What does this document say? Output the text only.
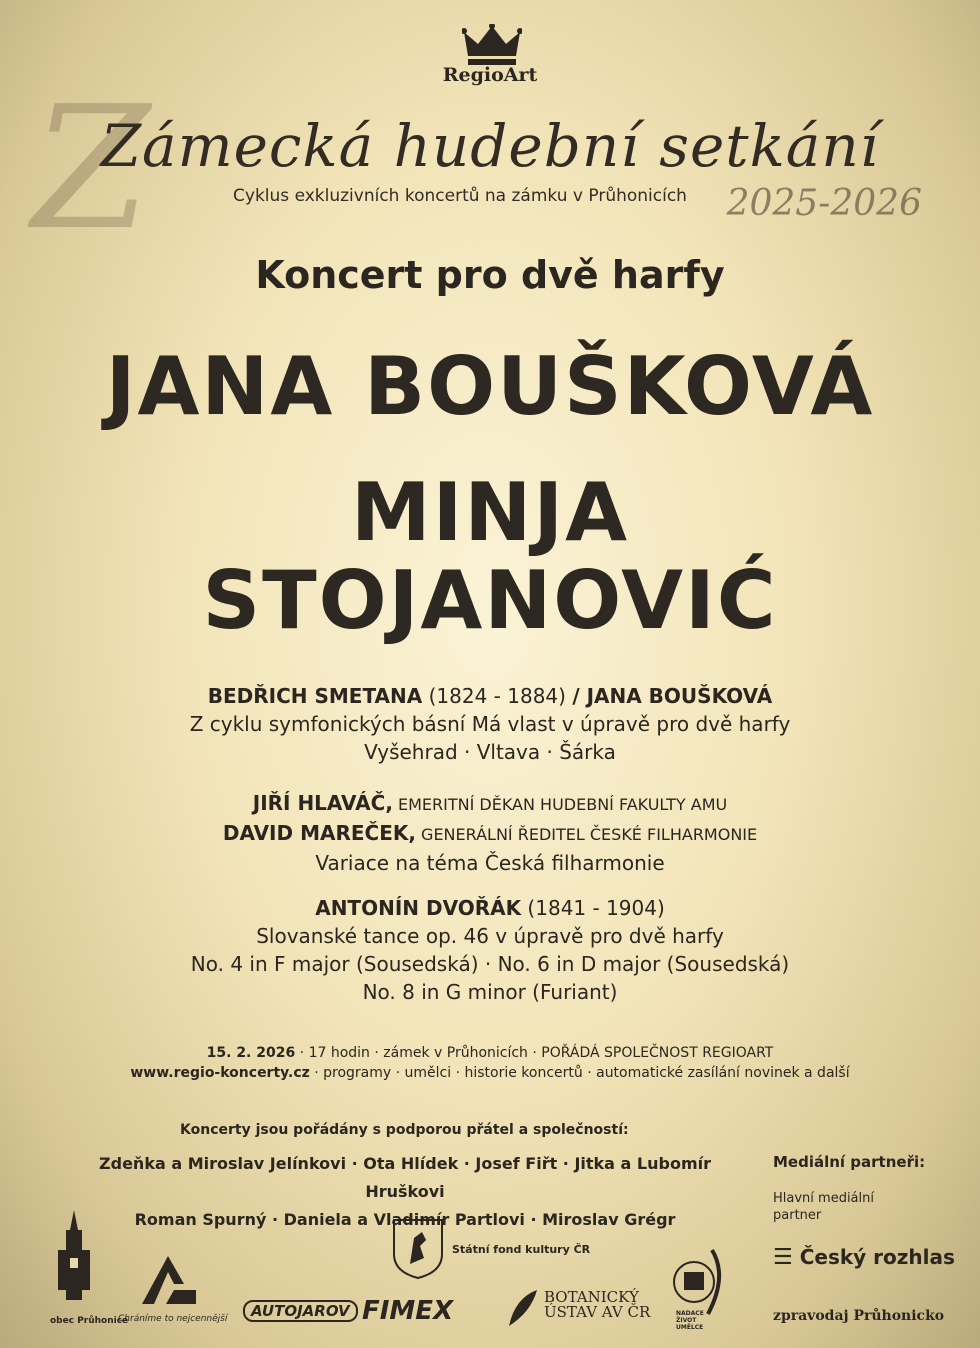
RegioArt
Z
Zámecká hudební setkání
Cyklus exkluzivních koncertů na zámku v Průhonicích	2025-2026
Koncert pro dvě harfy
JANA BOUŠKOVÁ
MINJA
STOJANOVIĆ
BEDŘICH SMETANA (1824 - 1884) / JANA BOUŠKOVÁ
Z cyklu symfonických básní Má vlast v úpravě pro dvě harfy
Vyšehrad · Vltava · Šárka
JIŘÍ HLAVÁČ, EMERITNÍ DĚKAN HUDEBNÍ FAKULTY AMU
DAVID MAREČEK, GENERÁLNÍ ŘEDITEL ČESKÉ FILHARMONIE
Variace na téma Česká filharmonie
ANTONÍN DVOŘÁK (1841 - 1904)
Slovanské tance op. 46 v úpravě pro dvě harfy
No. 4 in F major (Sousedská) · No. 6 in D major (Sousedská)
No. 8 in G minor (Furiant)
15. 2. 2026 · 17 hodin · zámek v Průhonicích · POŘÁDÁ SPOLEČNOST REGIOART
www.regio-koncerty.cz · programy · umělci · historie koncertů · automatické zasílání novinek a další
Koncerty jsou pořádány s podporou přátel a společností:
Zdeňka a Miroslav Jelínkovi · Ota Hlídek · Josef Fiřt · Jitka a Lubomír Hruškovi
Roman Spurný · Daniela a Vladimír Partlovi · Miroslav Grégr
Mediální partneři:
Hlavní mediální partner
☰ Český rozhlas
zpravodaj Průhonicko
Státní fond kultury ČR
obec Průhonice
Chráníme to nejcennější	AUTOJAROV FIMEX	BOTANICKÝ
ÚSTAV AV ČR	NADACE ŽIVOT UMĚLCE
